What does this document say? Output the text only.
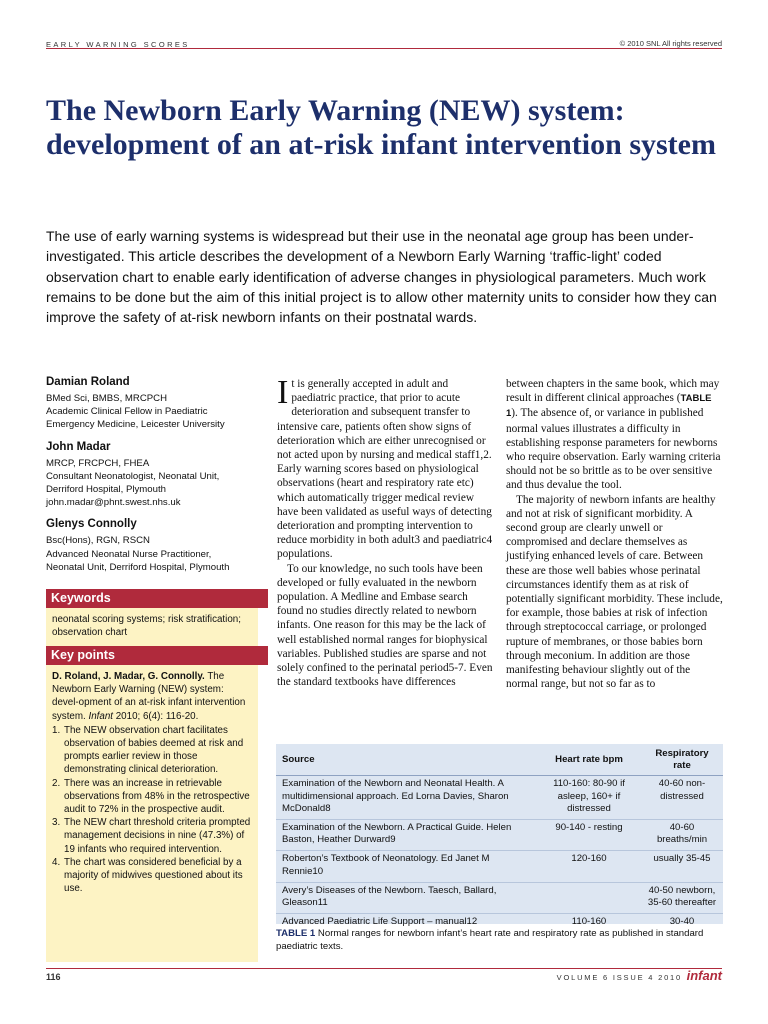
EARLY WARNING SCORES	© 2010 SNL All rights reserved
The Newborn Early Warning (NEW) system: development of an at-risk infant intervention system
The use of early warning systems is widespread but their use in the neonatal age group has been under-investigated. This article describes the development of a Newborn Early Warning ‘traffic-light’ coded observation chart to enable early identification of adverse changes in physiological parameters. Much work remains to be done but the aim of this initial project is to allow other maternity units to consider how they can improve the safety of at-risk newborn infants on their postnatal wards.
Damian Roland
BMed Sci, BMBS, MRCPCH
Academic Clinical Fellow in Paediatric
Emergency Medicine, Leicester University
John Madar
MRCP, FRCPCH, FHEA
Consultant Neonatologist, Neonatal Unit,
Derriford Hospital, Plymouth
john.madar@phnt.swest.nhs.uk
Glenys Connolly
Bsc(Hons), RGN, RSCN
Advanced Neonatal Nurse Practitioner,
Neonatal Unit, Derriford Hospital, Plymouth
Keywords
neonatal scoring systems; risk stratification; observation chart
Key points
D. Roland, J. Madar, G. Connolly. The Newborn Early Warning (NEW) system: devel-opment of an at-risk infant intervention system. Infant 2010; 6(4): 116-20.
1. The NEW observation chart facilitates observation of babies deemed at risk and prompts earlier review in those demonstrating clinical deterioration.
2. There was an increase in retrievable observations from 48% in the retrospective audit to 72% in the prospective audit.
3. The NEW chart threshold criteria prompted management decisions in nine (47.3%) of 19 infants who required intervention.
4. The chart was considered beneficial by a majority of midwives questioned about its use.

It is generally accepted in adult and paediatric practice, that prior to acute deterioration and subsequent transfer to intensive care, patients often show signs of deterioration which are either unrecognised or not acted upon by nursing and medical staff1,2. Early warning scores based on physiological observations (heart and respiratory rate etc) which automatically trigger medical review have been validated as useful ways of detecting deterioration and prompting intervention to reduce morbidity in both adult3 and paediatric4 populations.

To our knowledge, no such tools have been developed or fully evaluated in the newborn population. A Medline and Embase search found no studies directly related to newborn infants. One reason for this may be the lack of well established normal ranges for biophysical variables. Published studies are sparse and not solely confined to the perinatal period5-7. Even the standard textbooks have differences

between chapters in the same book, which may result in different clinical approaches (TABLE 1). The absence of, or variance in published normal values illustrates a difficulty in establishing response parameters for newborns who require observation. Early warning criteria should not be so brittle as to be over sensitive and thus devalue the tool.

The majority of newborn infants are healthy and not at risk of significant morbidity. A second group are clearly unwell or compromised and declare themselves as justifying enhanced levels of care. Between these are those well babies whose perinatal circumstances identify them as at risk of potentially significant morbidity. These include, for example, those babies at risk of infection through streptococcal carriage, or prolonged rupture of membranes, or those babies born through meconium. In addition are those manifesting behaviour slightly out of the normal range, but not so far as to

Source	Heart rate bpm	Respiratory rate
Examination of the Newborn and Neonatal Health. A multidimensional approach. Ed Lorna Davies, Sharon McDonald8	110-160: 80-90 if asleep, 160+ if distressed	40-60 non-distressed
Examination of the Newborn. A Practical Guide. Helen Baston, Heather Durward9	90-140 - resting	40-60 breaths/min
Roberton’s Textbook of Neonatology. Ed Janet M Rennie10	120-160	usually 35-45
Avery’s Diseases of the Newborn. Taesch, Ballard, Gleason11		40-50 newborn, 35-60 thereafter
Advanced Paediatric Life Support – manual12	110-160	30-40
TABLE 1 Normal ranges for newborn infant’s heart rate and respiratory rate as published in standard paediatric texts.
116	VOLUME 6 ISSUE 4 2010 infant
